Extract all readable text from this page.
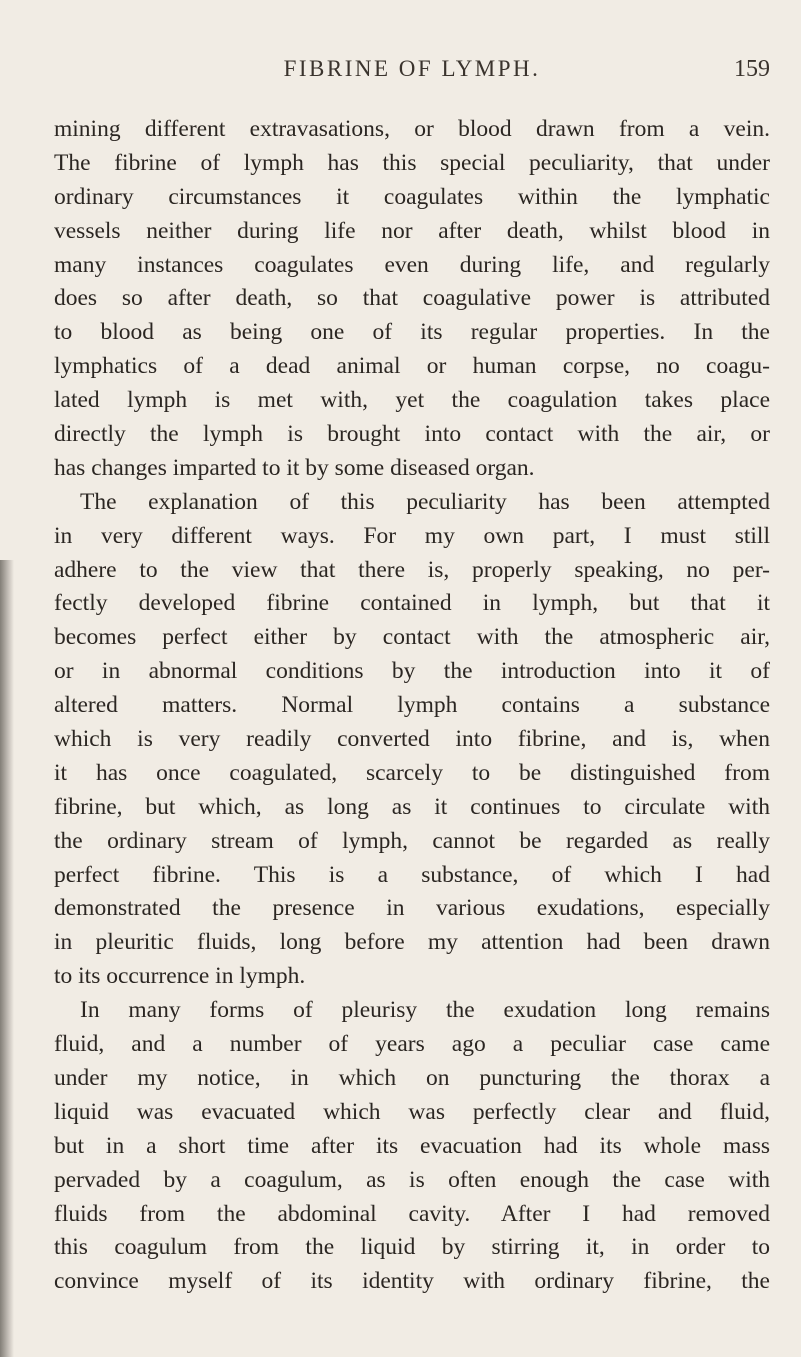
FIBRINE OF LYMPH.	159
mining different extravasations, or blood drawn from a vein.
The fibrine of lymph has this special peculiarity, that under
ordinary circumstances it coagulates within the lymphatic
vessels neither during life nor after death, whilst blood in
many instances coagulates even during life, and regularly
does so after death, so that coagulative power is attributed
to blood as being one of its regular properties. In the
lymphatics of a dead animal or human corpse, no coagu-
lated lymph is met with, yet the coagulation takes place
directly the lymph is brought into contact with the air, or
has changes imparted to it by some diseased organ.
The explanation of this peculiarity has been attempted
in very different ways. For my own part, I must still
adhere to the view that there is, properly speaking, no per-
fectly developed fibrine contained in lymph, but that it
becomes perfect either by contact with the atmospheric air,
or in abnormal conditions by the introduction into it of
altered matters. Normal lymph contains a substance
which is very readily converted into fibrine, and is, when
it has once coagulated, scarcely to be distinguished from
fibrine, but which, as long as it continues to circulate with
the ordinary stream of lymph, cannot be regarded as really
perfect fibrine. This is a substance, of which I had
demonstrated the presence in various exudations, especially
in pleuritic fluids, long before my attention had been drawn
to its occurrence in lymph.
In many forms of pleurisy the exudation long remains
fluid, and a number of years ago a peculiar case came
under my notice, in which on puncturing the thorax a
liquid was evacuated which was perfectly clear and fluid,
but in a short time after its evacuation had its whole mass
pervaded by a coagulum, as is often enough the case with
fluids from the abdominal cavity. After I had removed
this coagulum from the liquid by stirring it, in order to
convince myself of its identity with ordinary fibrine, the
